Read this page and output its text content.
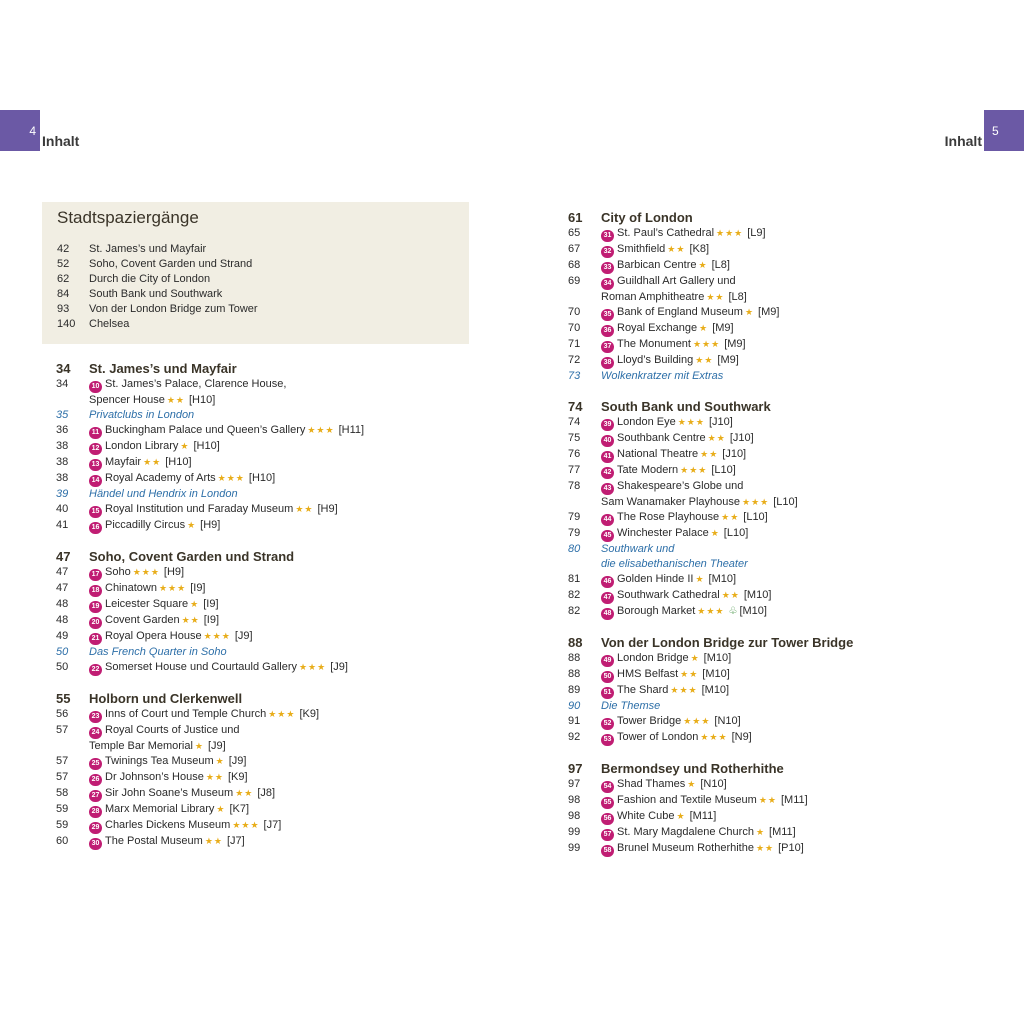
4
Inhalt	Inhalt
5
Stadtspaziergänge
42	St. James’s und Mayfair
52	Soho, Covent Garden und Strand
62	Durch die City of London
84	South Bank und Southwark
93	Von der London Bridge zum Tower
140	Chelsea
34	St. James’s und Mayfair
34	10 St. James’s Palace, Clarence House,
Spencer House ★★ [H10]
35	Privatclubs in London
36	11 Buckingham Palace und Queen’s Gallery ★★★ [H11]
38	12 London Library ★ [H10]
38	13 Mayfair ★★ [H10]
38	14 Royal Academy of Arts ★★★ [H10]
39	Händel und Hendrix in London
40	15 Royal Institution und Faraday Museum ★★ [H9]
41	16 Piccadilly Circus ★ [H9]
47	Soho, Covent Garden und Strand
47	17 Soho ★★★ [H9]
47	18 Chinatown ★★★ [I9]
48	19 Leicester Square ★ [I9]
48	20 Covent Garden ★★ [I9]
49	21 Royal Opera House ★★★ [J9]
50	Das French Quarter in Soho
50	22 Somerset House und Courtauld Gallery ★★★ [J9]
55	Holborn und Clerkenwell
56	23 Inns of Court und Temple Church ★★★ [K9]
57	24 Royal Courts of Justice und
Temple Bar Memorial ★ [J9]
57	25 Twinings Tea Museum ★ [J9]
57	26 Dr Johnson’s House ★★ [K9]
58	27 Sir John Soane’s Museum ★★ [J8]
59	28 Marx Memorial Library ★ [K7]
59	29 Charles Dickens Museum ★★★ [J7]
60	30 The Postal Museum ★★ [J7]
61	City of London
65	31 St. Paul’s Cathedral ★★★ [L9]
67	32 Smithfield ★★ [K8]
68	33 Barbican Centre ★ [L8]
69	34 Guildhall Art Gallery und
Roman Amphitheatre ★★ [L8]
70	35 Bank of England Museum ★ [M9]
70	36 Royal Exchange ★ [M9]
71	37 The Monument ★★★ [M9]
72	38 Lloyd’s Building ★★ [M9]
73	Wolkenkratzer mit Extras
74	South Bank und Southwark
74	39 London Eye ★★★ [J10]
75	40 Southbank Centre ★★ [J10]
76	41 National Theatre ★★ [J10]
77	42 Tate Modern ★★★ [L10]
78	43 Shakespeare’s Globe und
Sam Wanamaker Playhouse ★★★ [L10]
79	44 The Rose Playhouse ★★ [L10]
79	45 Winchester Palace ★ [L10]
80	Southwark und
die elisabethanischen Theater
81	46 Golden Hinde II ★ [M10]
82	47 Southwark Cathedral ★★ [M10]
82	48 Borough Market ★★★ ♧ [M10]
88	Von der London Bridge zur Tower Bridge
88	49 London Bridge ★ [M10]
88	50 HMS Belfast ★★ [M10]
89	51 The Shard ★★★ [M10]
90	Die Themse
91	52 Tower Bridge ★★★ [N10]
92	53 Tower of London ★★★ [N9]
97	Bermondsey und Rotherhithe
97	54 Shad Thames ★ [N10]
98	55 Fashion and Textile Museum ★★ [M11]
98	56 White Cube ★ [M11]
99	57 St. Mary Magdalene Church ★ [M11]
99	58 Brunel Museum Rotherhithe ★★ [P10]
